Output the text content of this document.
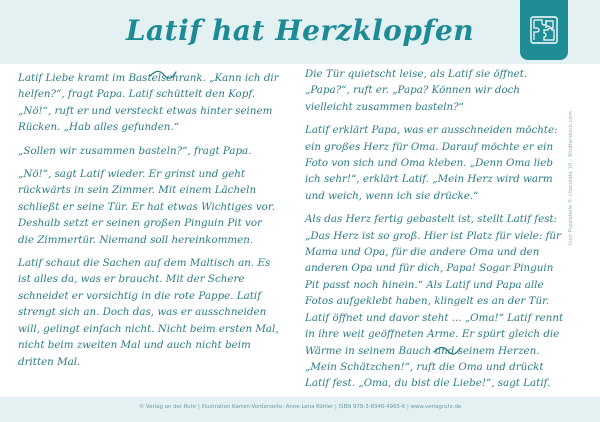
Latif hat Herzklopfen

Latif Liebe kramt im Bastelschrank. „Kann ich dir helfen?“, fragt Papa. Latif schüttelt den Kopf. „Nö!“, ruft er und versteckt etwas hinter seinem Rücken. „Hab alles gefunden.“

„Sollen wir zusammen basteln?“, fragt Papa.

„Nö!“, sagt Latif wieder. Er grinst und geht rückwärts in sein Zimmer. Mit einem Lächeln schließt er seine Tür. Er hat etwas Wichtiges vor. Deshalb setzt er seinen großen Pinguin Pit vor die Zimmertür. Niemand soll hereinkommen.

Latif schaut die Sachen auf dem Maltisch an. Es ist alles da, was er braucht. Mit der Schere schneidet er vorsichtig in die rote Pappe. Latif strengt sich an. Doch das, was er ausschneiden will, gelingt einfach nicht. Nicht beim ersten Mal, nicht beim zweiten Mal und auch nicht beim dritten Mal.

Die Tür quietscht leise, als Latif sie öffnet. „Papa?“, ruft er. „Papa? Können wir doch vielleicht zusammen basteln?“

Latif erklärt Papa, was er ausschneiden möchte: ein großes Herz für Oma. Darauf möchte er ein Foto von sich und Oma kleben. „Denn Oma lieb ich sehr!“, erklärt Latif. „Mein Herz wird warm und weich, wenn ich sie drücke.“

Als das Herz fertig gebastelt ist, stellt Latif fest: „Das Herz ist so groß. Hier ist Platz für viele: für Mama und Opa, für die andere Oma und den anderen Opa und für dich, Papa! Sogar Pinguin Pit passt noch hinein.“ Als Latif und Papa alle Fotos aufgeklebt haben, klingelt es an der Tür. Latif öffnet und davor steht ... „Oma!“ Latif rennt in ihre weit geöffneten Arme. Er spürt gleich die Wärme in seinem Bauch und seinem Herzen. „Mein Schätzchen!“, ruft die Oma und drückt Latif fest. „Oma, du bist die Liebe!“, sagt Latif.

Icon Puzzleteile © chocolate 10 – Shutterstock.com
© Verlag an der Ruhr | Illustration Karten-Vorderseite: Anne-Lena Kühler | ISBN 978-3-8346-4965-6 | www.verlagruhr.de
